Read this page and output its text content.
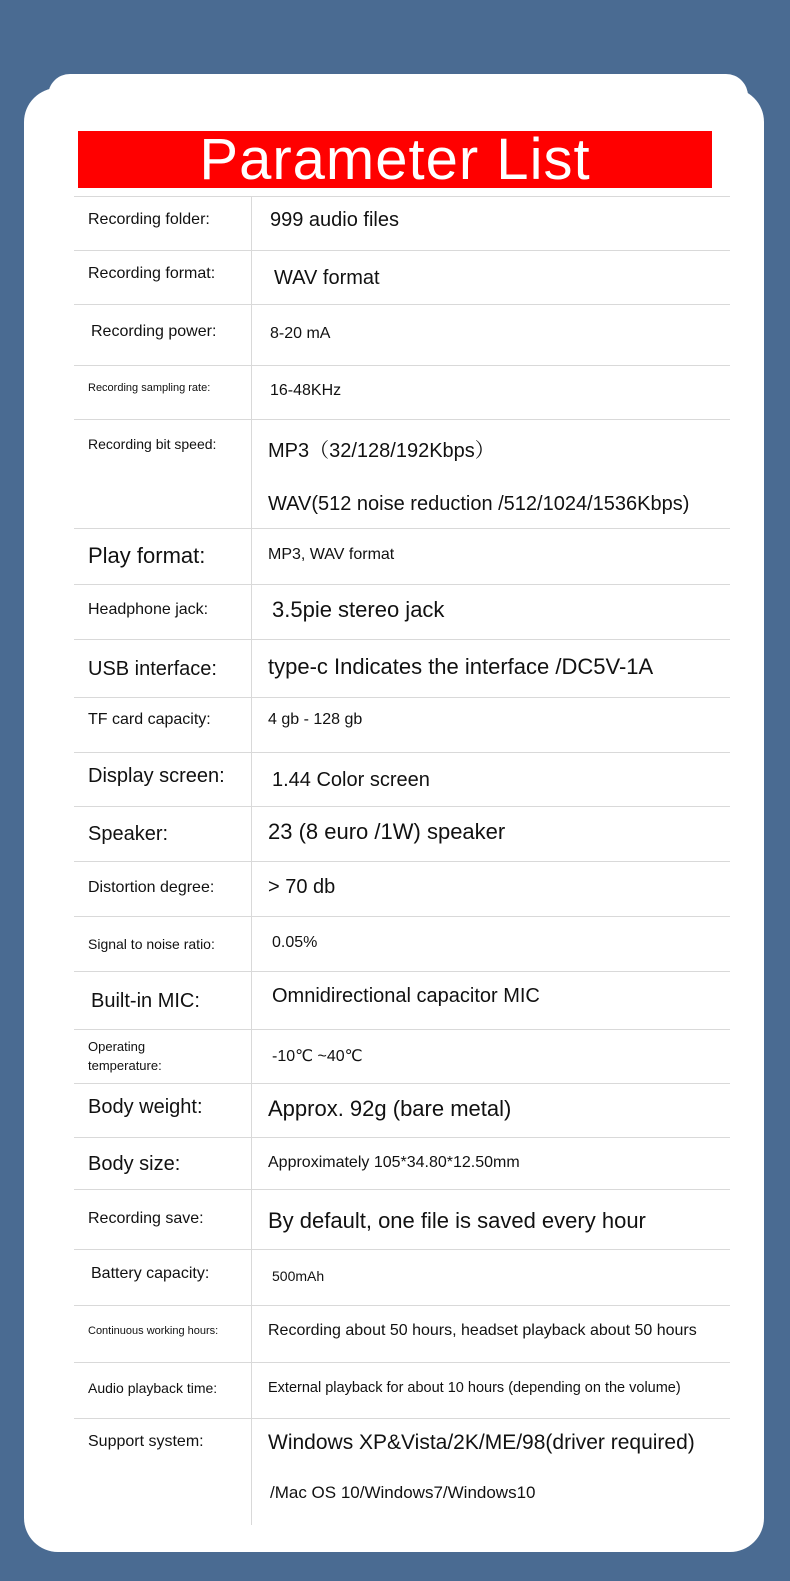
Parameter List
Recording folder:	999 audio files
Recording format:	WAV format
Recording power:	8-20 mA
Recording sampling rate:	16-48KHz
Recording bit speed:	MP3（32/128/192Kbps）
WAV(512 noise reduction /512/1024/1536Kbps)
Play format:	MP3, WAV format
Headphone jack:	3.5pie stereo jack
USB interface:	type-c Indicates the interface /DC5V-1A
TF card capacity:	4 gb - 128 gb
Display screen:	1.44 Color screen
Speaker:	23 (8 euro /1W) speaker
Distortion degree:	> 70 db
Signal to noise ratio:	0.05%
Built-in MIC:	Omnidirectional capacitor MIC
Operating temperature:
-10℃ ~40℃
Body weight:	Approx. 92g (bare metal)
Body size:	Approximately 105*34.80*12.50mm
Recording save:	By default, one file is saved every hour
Battery capacity:	500mAh
Continuous working hours:	Recording about 50 hours, headset playback about 50 hours
Audio playback time:	External playback for about 10 hours (depending on the volume)
Support system:	Windows XP&Vista/2K/ME/98(driver required)
/Mac OS 10/Windows7/Windows10
